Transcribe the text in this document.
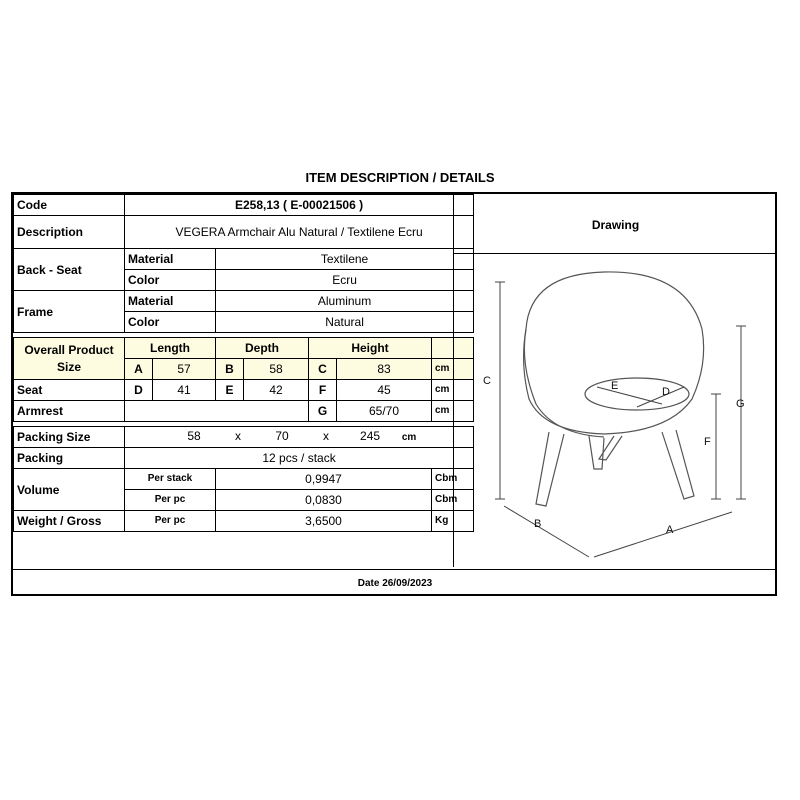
ITEM DESCRIPTION / DETAILS
Code	E258,13 ( E-00021506 )						
Description	VEGERA Armchair Alu Natural / Textilene Ecru						
Back - Seat	Material		Textilene				
	Color		Ecru				
Frame	Material		Aluminum				
	Color		Natural				

Overall Product Size	Length		Depth		Height		
	A	57	B	58	C	83	cm
Seat	D	41	E	42	F	45	cm
Armrest					G	65/70	cm

Packing Size	58 x 70 x 245 cm						
Packing	12 pcs / stack						
Volume	Per stack		0,9947				Cbm
	Per pc		0,0830				Cbm
Weight / Gross	Per pc		3,6500				Kg
Drawing
C
G
F
E	D
B	A
Date 26/09/2023
